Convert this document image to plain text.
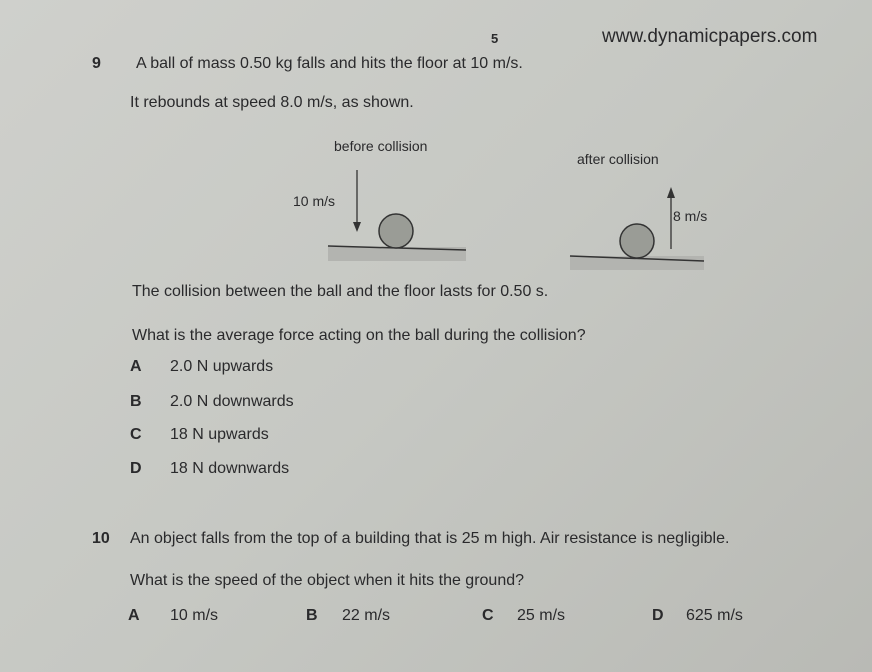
5	www.dynamicpapers.com
9 A ball of mass 0.50 kg falls and hits the floor at 10 m/s.
It rebounds at speed 8.0 m/s, as shown.
before collision
after collision
10 m/s
8 m/s
The collision between the ball and the floor lasts for 0.50 s.
What is the average force acting on the ball during the collision?
A 2.0 N upwards
B 2.0 N downwards
C 18 N upwards
D 18 N downwards
10 An object falls from the top of a building that is 25 m high. Air resistance is negligible.
What is the speed of the object when it hits the ground?
A 10 m/s	B 22 m/s	C 25 m/s	D 625 m/s
